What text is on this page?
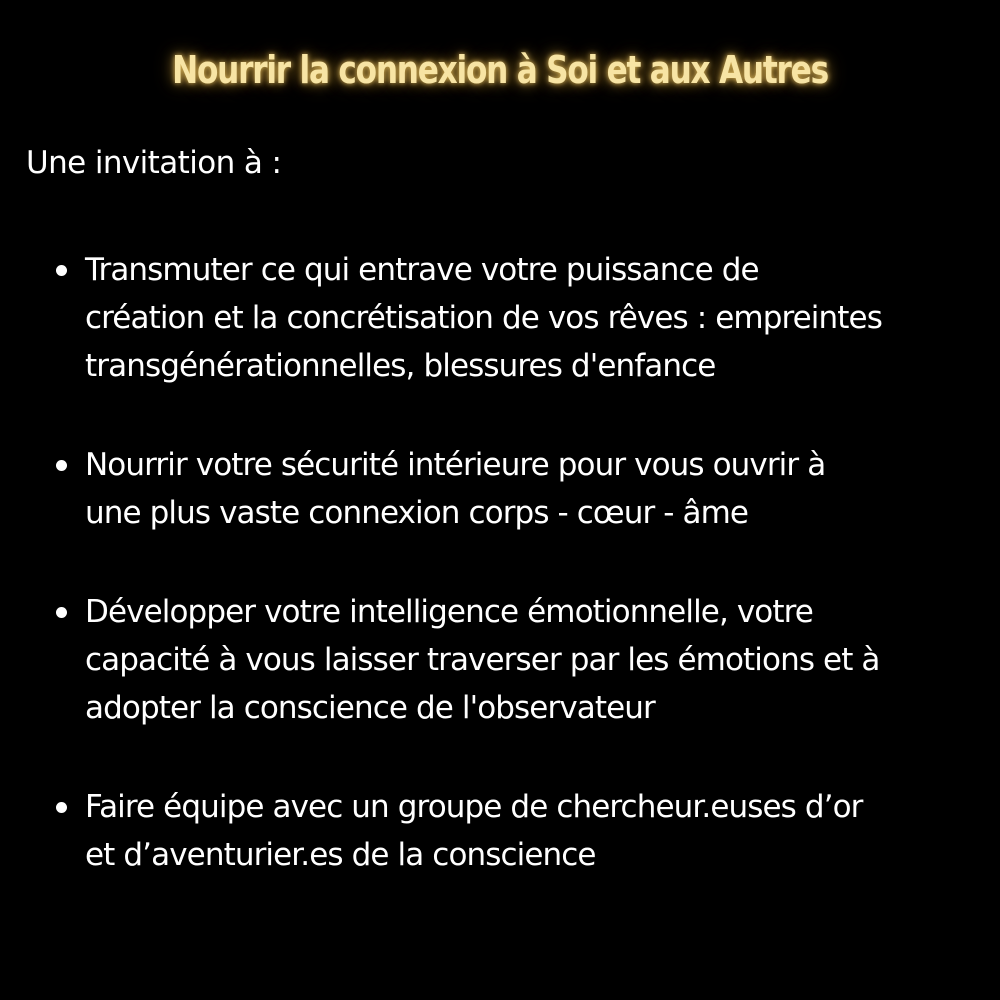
Nourrir la connexion à Soi et aux Autres
Une invitation à :
Transmuter ce qui entrave votre puissance de
création et la concrétisation de vos rêves : empreintes
transgénérationnelles, blessures d'enfance
Nourrir votre sécurité intérieure pour vous ouvrir à
une plus vaste connexion corps - cœur - âme
Développer votre intelligence émotionnelle, votre
capacité à vous laisser traverser par les émotions et à
adopter la conscience de l'observateur
Faire équipe avec un groupe de chercheur.euses d’or
et d’aventurier.es de la conscience
